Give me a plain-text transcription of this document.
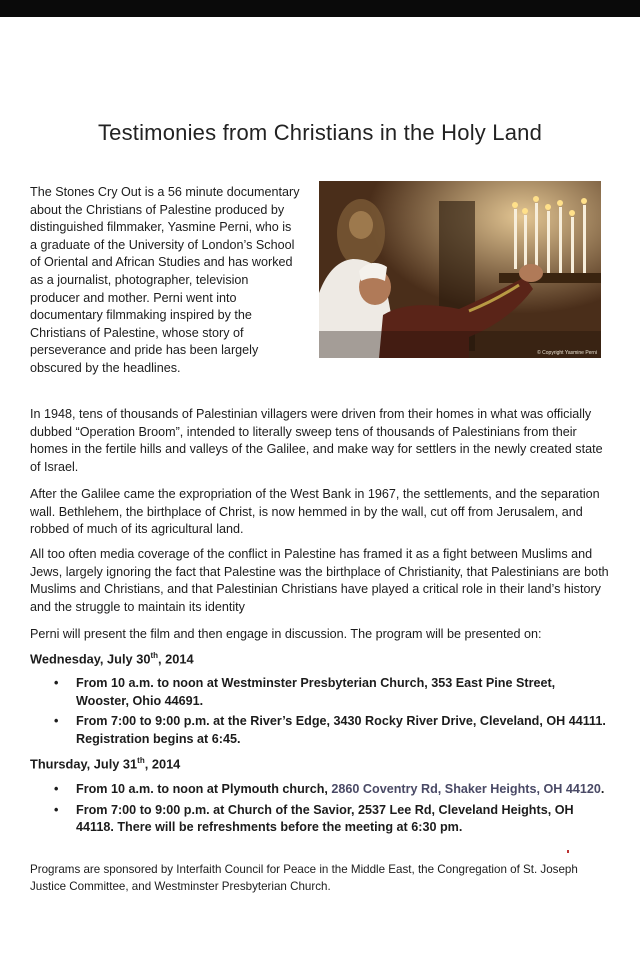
Testimonies from Christians in the Holy Land
The Stones Cry Out is a 56 minute documentary about the Christians of Palestine produced by distinguished filmmaker, Yasmine Perni, who is a graduate of the University of London’s School of Oriental and African Studies and has worked as a journalist, photographer, television producer and mother. Perni went into documentary filmmaking inspired by the Christians of Palestine, whose story of perseverance and pride has been largely obscured by the headlines.
© Copyright Yasmine Perni
In 1948, tens of thousands of Palestinian villagers were driven from their homes in what was officially dubbed “Operation Broom”, intended to literally sweep tens of thousands of Palestinians from their homes in the fertile hills and valleys of the Galilee, and make way for settlers in the newly created state of Israel.
After the Galilee came the expropriation of the West Bank in 1967, the settlements, and the separation wall. Bethlehem, the birthplace of Christ, is now hemmed in by the wall, cut off from Jerusalem, and robbed of much of its agricultural land.
All too often media coverage of the conflict in Palestine has framed it as a fight between Muslims and Jews, largely ignoring the fact that Palestine was the birthplace of Christianity, that Palestinians are both Muslims and Christians, and that Palestinian Christians have played a critical role in their land’s history and the struggle to maintain its identity
Perni will present the film and then engage in discussion. The program will be presented on:
Wednesday, July 30th, 2014
• From 10 a.m. to noon at Westminster Presbyterian Church, 353 East Pine Street, Wooster, Ohio 44691.
• From 7:00 to 9:00 p.m. at the River’s Edge, 3430 Rocky River Drive, Cleveland, OH 44111. Registration begins at 6:45.
Thursday, July 31th, 2014
• From 10 a.m. to noon at Plymouth church, 2860 Coventry Rd, Shaker Heights, OH 44120.
• From 7:00 to 9:00 p.m. at Church of the Savior, 2537 Lee Rd, Cleveland Heights, OH 44118. There will be refreshments before the meeting at 6:30 pm.
Programs are sponsored by Interfaith Council for Peace in the Middle East, the Congregation of St. Joseph Justice Committee, and Westminster Presbyterian Church.
